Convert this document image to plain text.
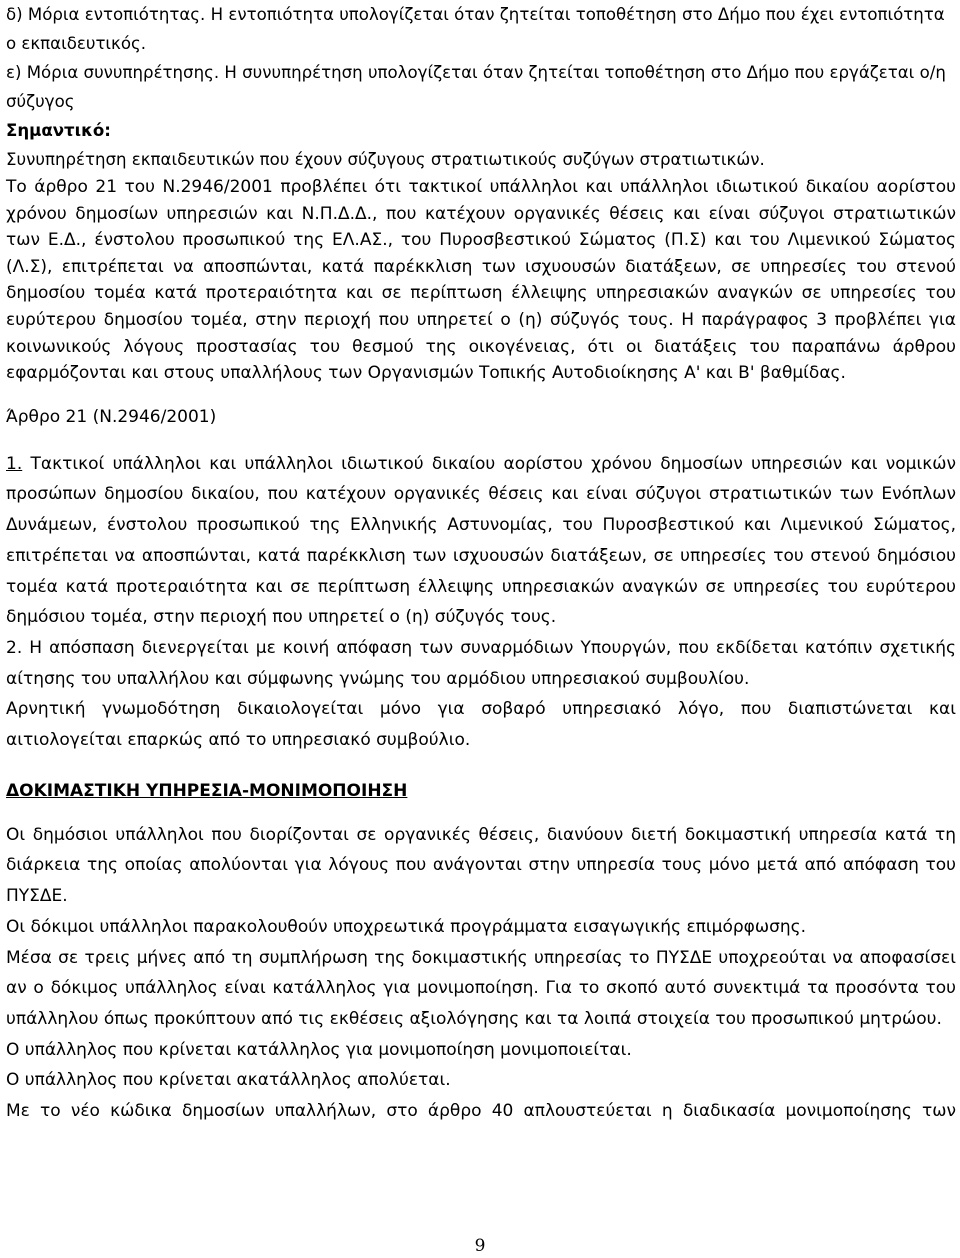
δ) Μόρια εντοπιότητας. Η εντοπιότητα υπολογίζεται όταν ζητείται τοποθέτηση στο Δήμο που έχει εντοπιότητα ο εκπαιδευτικός.

ε) Μόρια συνυπηρέτησης. Η συνυπηρέτηση υπολογίζεται όταν ζητείται τοποθέτηση στο Δήμο που εργάζεται ο/η σύζυγος

Σημαντικό:

Συνυπηρέτηση εκπαιδευτικών που έχουν σύζυγους στρατιωτικούς συζύγων στρατιωτικών.

Το άρθρο 21 του Ν.2946/2001 προβλέπει ότι τακτικοί υπάλληλοι και υπάλληλοι ιδιωτικού δικαίου αορίστου χρόνου δημοσίων υπηρεσιών και Ν.Π.Δ.Δ., που κατέχουν οργανικές θέσεις και είναι σύζυγοι στρατιωτικών των Ε.Δ., ένστολου προσωπικού της ΕΛ.ΑΣ., του Πυροσβεστικού Σώματος (Π.Σ) και του Λιμενικού Σώματος (Λ.Σ), επιτρέπεται να αποσπώνται, κατά παρέκκλιση των ισχυουσών διατάξεων, σε υπηρεσίες του στενού δημοσίου τομέα κατά προτεραιότητα και σε περίπτωση έλλειψης υπηρεσιακών αναγκών σε υπηρεσίες του ευρύτερου δημοσίου τομέα, στην περιοχή που υπηρετεί ο (η) σύζυγός τους. Η παράγραφος 3 προβλέπει για κοινωνικούς λόγους προστασίας του θεσμού της οικογένειας, ότι οι διατάξεις του παραπάνω άρθρου εφαρμόζονται και στους υπαλλήλους των Οργανισμών Τοπικής Αυτοδιοίκησης Α' και Β' βαθμίδας.

Άρθρο 21 (Ν.2946/2001)

1. Τακτικοί υπάλληλοι και υπάλληλοι ιδιωτικού δικαίου αορίστου χρόνου δημοσίων υπηρεσιών και νομικών προσώπων δημοσίου δικαίου, που κατέχουν οργανικές θέσεις και είναι σύζυγοι στρατιωτικών των Ενόπλων Δυνάμεων, ένστολου προσωπικού της Ελληνικής Αστυνομίας, του Πυροσβεστικού και Λιμενικού Σώματος, επιτρέπεται να αποσπώνται, κατά παρέκκλιση των ισχυουσών διατάξεων, σε υπηρεσίες του στενού δημόσιου τομέα κατά προτεραιότητα και σε περίπτωση έλλειψης υπηρεσιακών αναγκών σε υπηρεσίες του ευρύτερου δημόσιου τομέα, στην περιοχή που υπηρετεί ο (η) σύζυγός τους.

2. Η απόσπαση διενεργείται με κοινή απόφαση των συναρμόδιων Υπουργών, που εκδίδεται κατόπιν σχετικής αίτησης του υπαλλήλου και σύμφωνης γνώμης του αρμόδιου υπηρεσιακού συμβουλίου.

Αρνητική γνωμοδότηση δικαιολογείται μόνο για σοβαρό υπηρεσιακό λόγο, που διαπιστώνεται και αιτιολογείται επαρκώς από το υπηρεσιακό συμβούλιο.

ΔΟΚΙΜΑΣΤΙΚΗ ΥΠΗΡΕΣΙΑ-ΜΟΝΙΜΟΠΟΙΗΣΗ

Οι δημόσιοι υπάλληλοι που διορίζονται σε οργανικές θέσεις, διανύουν διετή δοκιμαστική υπηρεσία κατά τη διάρκεια της οποίας απολύονται για λόγους που ανάγονται στην υπηρεσία τους μόνο μετά από απόφαση του ΠΥΣΔΕ.

Οι δόκιμοι υπάλληλοι παρακολουθούν υποχρεωτικά προγράμματα εισαγωγικής επιμόρφωσης.

Μέσα σε τρεις μήνες από τη συμπλήρωση της δοκιμαστικής υπηρεσίας το ΠΥΣΔΕ υποχρεούται να αποφασίσει αν ο δόκιμος υπάλληλος είναι κατάλληλος για μονιμοποίηση. Για το σκοπό αυτό συνεκτιμά τα προσόντα του υπάλληλου όπως προκύπτουν από τις εκθέσεις αξιολόγησης και τα λοιπά στοιχεία του προσωπικού μητρώου.

Ο υπάλληλος που κρίνεται κατάλληλος για μονιμοποίηση μονιμοποιείται.

Ο υπάλληλος που κρίνεται ακατάλληλος απολύεται.

Με το νέο κώδικα δημοσίων υπαλλήλων, στο άρθρο 40 απλουστεύεται η διαδικασία μονιμοποίησης των

9
